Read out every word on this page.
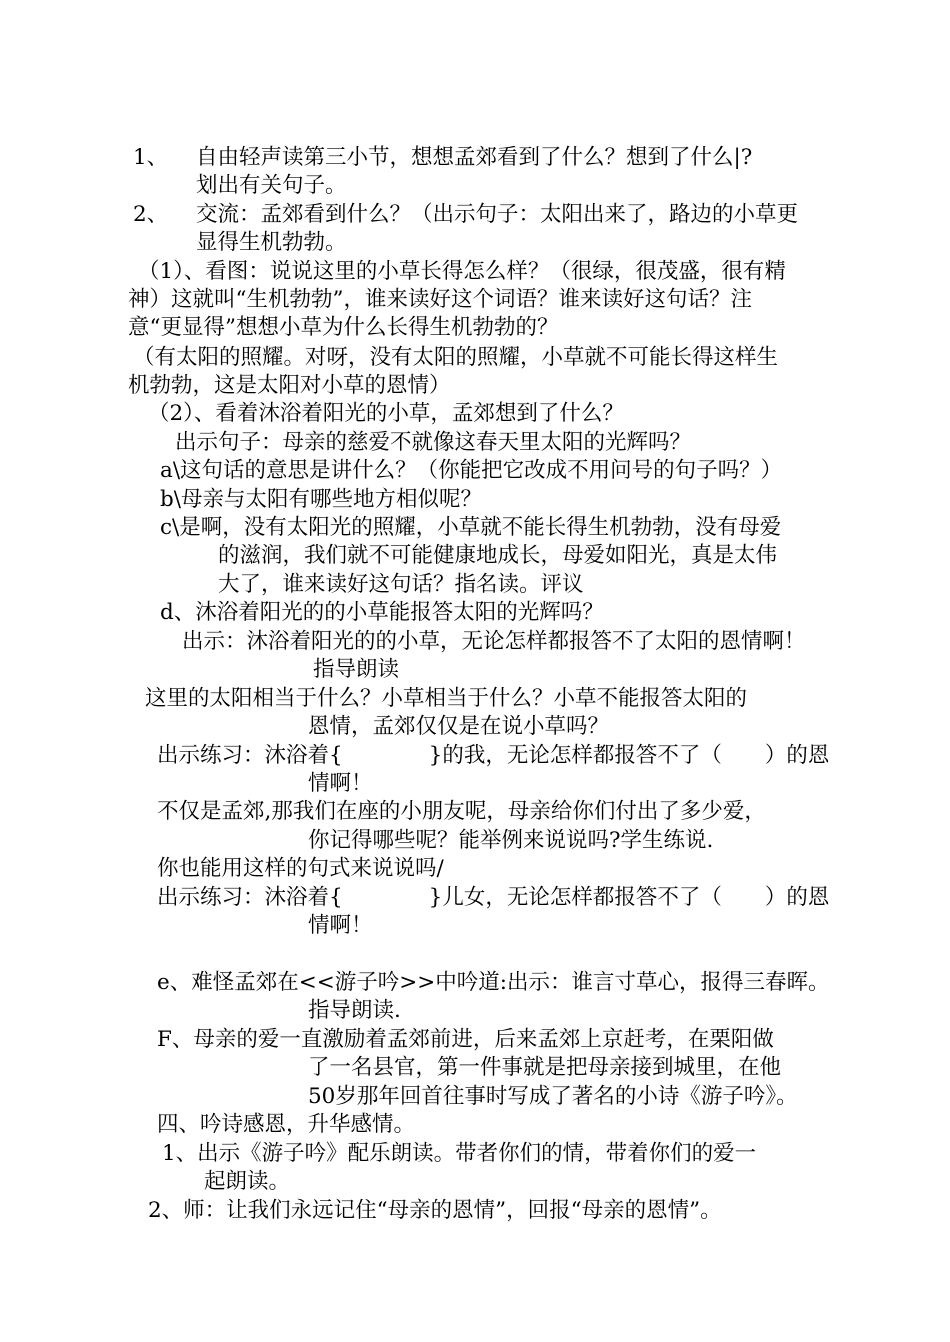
1、 自由轻声读第三小节，想想孟郊看到了什么？想到了什么|?
划出有关句子。
2、 交流：孟郊看到什么？（出示句子：太阳出来了，路边的小草更
显得生机勃勃。
（1）、看图：说说这里的小草长得怎么样？（很绿，很茂盛，很有精
神）这就叫“生机勃勃”，谁来读好这个词语？谁来读好这句话？注
意“更显得”想想小草为什么长得生机勃勃的？
（有太阳的照耀。对呀，没有太阳的照耀，小草就不可能长得这样生
机勃勃，这是太阳对小草的恩情）
（2）、看着沐浴着阳光的小草，孟郊想到了什么？
出示句子：母亲的慈爱不就像这春天里太阳的光辉吗？
a\这句话的意思是讲什么？（你能把它改成不用问号的句子吗？）
b\母亲与太阳有哪些地方相似呢？
c\是啊，没有太阳光的照耀，小草就不能长得生机勃勃，没有母爱
的滋润，我们就不可能健康地成长，母爱如阳光，真是太伟
大了，谁来读好这句话？指名读。评议
d、沐浴着阳光的的小草能报答太阳的光辉吗？
出示：沐浴着阳光的的小草，无论怎样都报答不了太阳的恩情啊！
指导朗读
这里的太阳相当于什么？小草相当于什么？小草不能报答太阳的
恩情，孟郊仅仅是在说小草吗？
出示练习：沐浴着{　　　　}的我，无论怎样都报答不了（　　）的恩
情啊！
不仅是孟郊,那我们在座的小朋友呢，母亲给你们付出了多少爱，
你记得哪些呢？能举例来说说吗?学生练说.
你也能用这样的句式来说说吗/
出示练习：沐浴着{　　　　}儿女，无论怎样都报答不了（　　）的恩
情啊！
e、难怪孟郊在<<游子吟>>中吟道:出示：谁言寸草心，报得三春晖。
指导朗读.
F、母亲的爱一直激励着孟郊前进，后来孟郊上京赶考，在栗阳做
了一名县官，第一件事就是把母亲接到城里，在他
50岁那年回首往事时写成了著名的小诗《游子吟》。
四、吟诗感恩，升华感情。
1、出示《游子吟》配乐朗读。带者你们的情，带着你们的爱一
起朗读。
2、师：让我们永远记住“母亲的恩情”，回报“母亲的恩情”。
